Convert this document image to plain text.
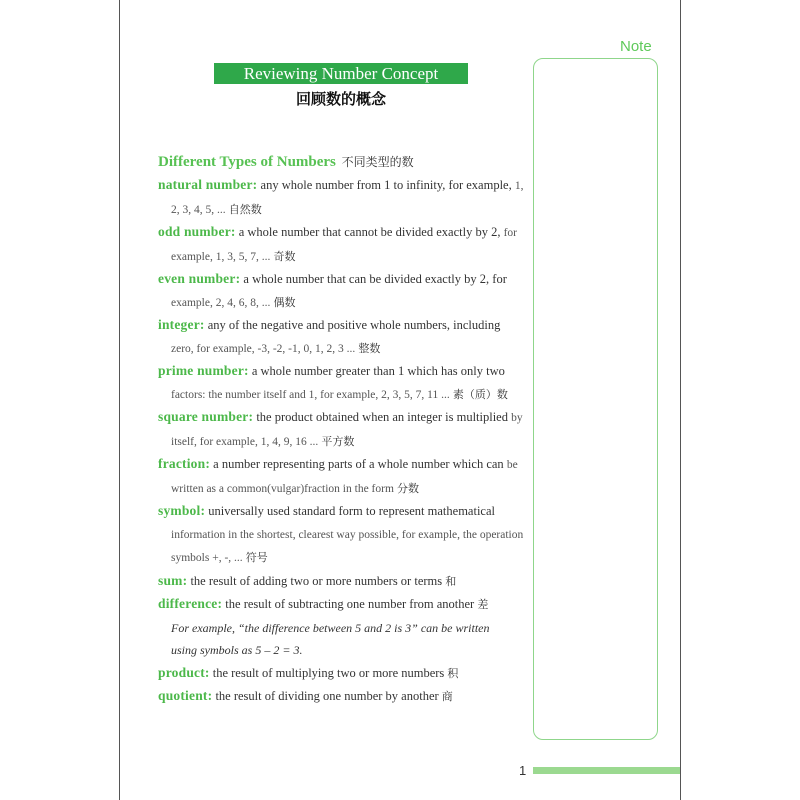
Note
Reviewing Number Concept
回顾数的概念
Different Types of Numbers 不同类型的数

natural number: any whole number from 1 to infinity, for example, 1, 2, 3, 4, 5, ... 自然数

odd number: a whole number that cannot be divided exactly by 2, for example, 1, 3, 5, 7, ... 奇数

even number: a whole number that can be divided exactly by 2, for example, 2, 4, 6, 8, ... 偶数

integer: any of the negative and positive whole numbers, including zero, for example, -3, -2, -1, 0, 1, 2, 3 ... 整数

prime number: a whole number greater than 1 which has only two factors: the number itself and 1, for example, 2, 3, 5, 7, 11 ... 素（质）数

square number: the product obtained when an integer is multiplied by itself, for example, 1, 4, 9, 16 ... 平方数

fraction: a number representing parts of a whole number which can be written as a common(vulgar)fraction in the form 分数

symbol: universally used standard form to represent mathematical information in the shortest, clearest way possible, for example, the operation symbols +, -, ... 符号

sum: the result of adding two or more numbers or terms 和

difference: the result of subtracting one number from another 差

For example, “the difference between 5 and 2 is 3” can be written

using symbols as 5 – 2 = 3.

product: the result of multiplying two or more numbers 积

quotient: the result of dividing one number by another 商

1
